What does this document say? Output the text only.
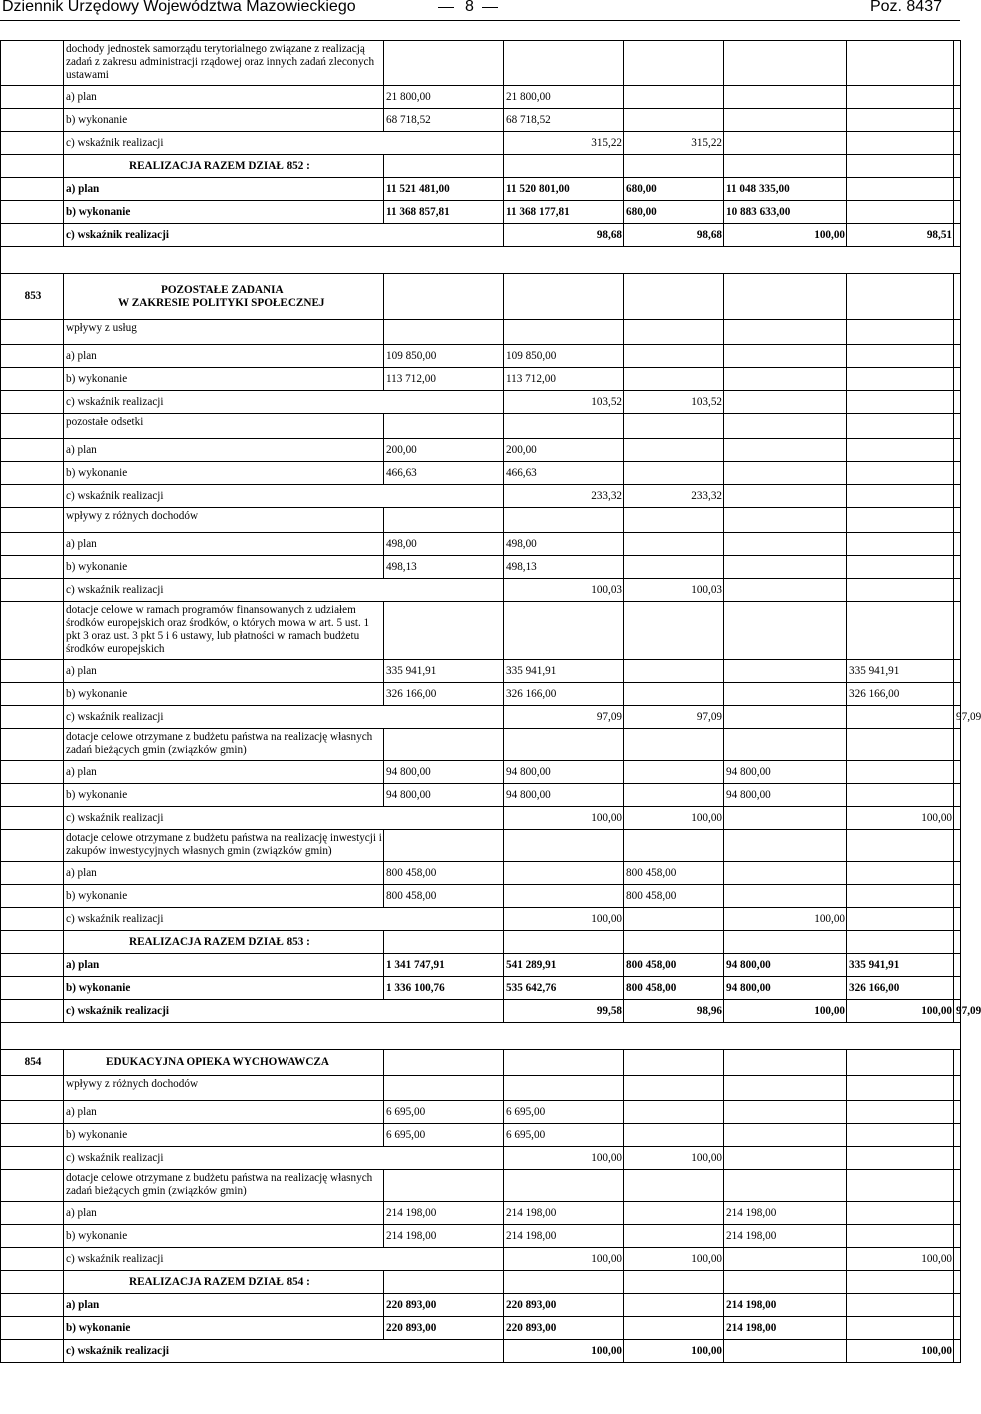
Dziennik Urzędowy Województwa Mazowieckiego	8	Poz. 8437
	dochody jednostek samorządu terytorialnego związane z realizacją zadań z zakresu administracji rządowej oraz innych zadań zleconych ustawami						
	a) plan	21 800,00	21 800,00				
	b) wykonanie	68 718,52	68 718,52				
	c) wskaźnik realizacji		315,22	315,22			
	REALIZACJA RAZEM DZIAŁ 852 :						
	a) plan	11 521 481,00	11 520 801,00	680,00	11 048 335,00		
	b) wykonanie	11 368 857,81	11 368 177,81	680,00	10 883 633,00		
	c) wskaźnik realizacji		98,68	98,68	100,00	98,51	

853	POZOSTAŁE ZADANIA
W ZAKRESIE POLITYKI SPOŁECZNEJ						

	wpływy z usług						
	a) plan	109 850,00	109 850,00				
	b) wykonanie	113 712,00	113 712,00				
	c) wskaźnik realizacji		103,52	103,52			
	pozostałe odsetki						
	a) plan	200,00	200,00				
	b) wykonanie	466,63	466,63				
	c) wskaźnik realizacji		233,32	233,32			
	wpływy z różnych dochodów						
	a) plan	498,00	498,00				
	b) wykonanie	498,13	498,13				
	c) wskaźnik realizacji		100,03	100,03			
	dotacje celowe w ramach programów finansowanych z udziałem środków europejskich oraz środków, o których mowa w art. 5 ust. 1 pkt 3 oraz ust. 3 pkt 5 i 6 ustawy, lub płatności w ramach budżetu środków europejskich						
	a) plan	335 941,91	335 941,91			335 941,91	
	b) wykonanie	326 166,00	326 166,00			326 166,00	
	c) wskaźnik realizacji		97,09	97,09			97,09
	dotacje celowe otrzymane z budżetu państwa na realizację własnych zadań bieżących gmin (związków gmin)						
	a) plan	94 800,00	94 800,00		94 800,00		
	b) wykonanie	94 800,00	94 800,00		94 800,00		
	c) wskaźnik realizacji		100,00	100,00		100,00	
	dotacje celowe otrzymane z budżetu państwa na realizację inwestycji i zakupów inwestycyjnych własnych gmin (związków gmin)						
	a) plan	800 458,00		800 458,00			
	b) wykonanie	800 458,00		800 458,00			
	c) wskaźnik realizacji		100,00		100,00		
	REALIZACJA RAZEM DZIAŁ 853 :						
	a) plan	1 341 747,91	541 289,91	800 458,00	94 800,00	335 941,91	
	b) wykonanie	1 336 100,76	535 642,76	800 458,00	94 800,00	326 166,00	
	c) wskaźnik realizacji		99,58	98,96	100,00	100,00	97,09

854	EDUKACYJNA OPIEKA WYCHOWAWCZA						
	wpływy z różnych dochodów						
	a) plan	6 695,00	6 695,00				
	b) wykonanie	6 695,00	6 695,00				
	c) wskaźnik realizacji		100,00	100,00			
	dotacje celowe otrzymane z budżetu państwa na realizację własnych zadań bieżących gmin (związków gmin)						
	a) plan	214 198,00	214 198,00		214 198,00		
	b) wykonanie	214 198,00	214 198,00		214 198,00		
	c) wskaźnik realizacji		100,00	100,00		100,00	
	REALIZACJA RAZEM DZIAŁ 854 :						
	a) plan	220 893,00	220 893,00		214 198,00		
	b) wykonanie	220 893,00	220 893,00		214 198,00		
	c) wskaźnik realizacji		100,00	100,00		100,00	
